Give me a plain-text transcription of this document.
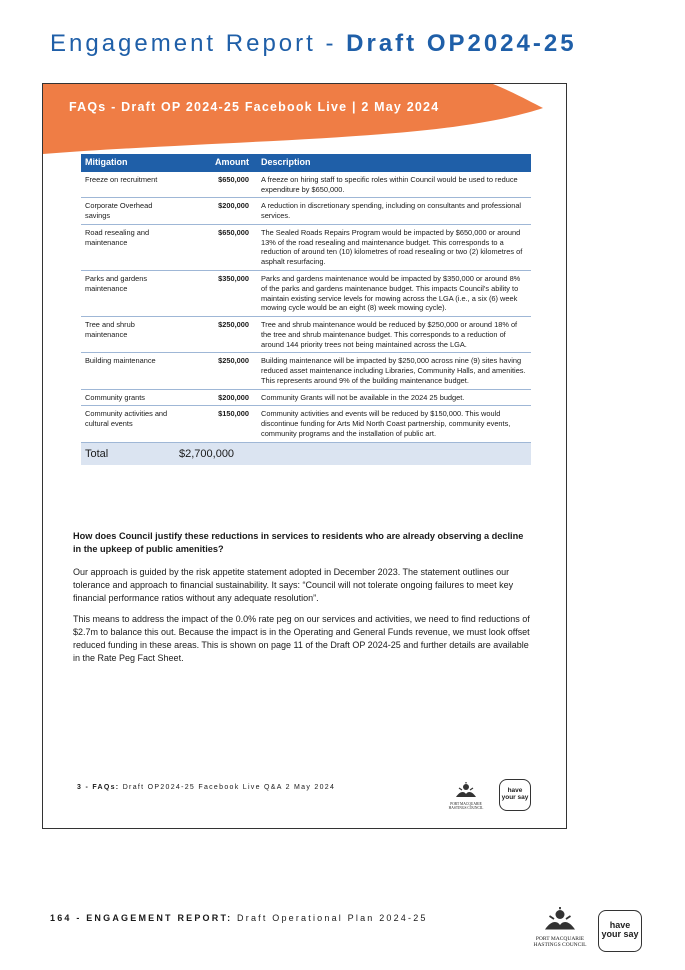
Engagement Report - Draft OP2024-25
FAQs - Draft OP 2024-25 Facebook Live | 2 May 2024
Mitigation	Amount	Description
Freeze on recruitment	$650,000	A freeze on hiring staff to specific roles within Council would be used to reduce expenditure by $650,000.
Corporate Overhead savings	$200,000	A reduction in discretionary spending, including on consultants and professional services.
Road resealing and maintenance	$650,000	The Sealed Roads Repairs Program would be impacted by $650,000 or around 13% of the road resealing and maintenance budget. This corresponds to a reduction of around ten (10) kilometres of road resealing or two (2) kilometres of asphalt resurfacing.
Parks and gardens maintenance	$350,000	Parks and gardens maintenance would be impacted by $350,000 or around 8% of the parks and gardens maintenance budget. This impacts Council's ability to maintain existing service levels for mowing across the LGA (i.e., a six (6) week mowing cycle would be an eight (8) week mowing cycle).
Tree and shrub maintenance	$250,000	Tree and shrub maintenance would be reduced by $250,000 or around 18% of the tree and shrub maintenance budget. This corresponds to a reduction of around 144 priority trees not being maintained across the LGA.
Building maintenance	$250,000	Building maintenance will be impacted by $250,000 across nine (9) sites having reduced asset maintenance including Libraries, Community Halls, and amenities. This represents around 9% of the building maintenance budget.
Community grants	$200,000	Community Grants will not be available in the 2024 25 budget.
Community activities and cultural events	$150,000	Community activities and events will be reduced by $150,000. This would discontinue funding for Arts Mid North Coast partnership, community events, community programs and the installation of public art.
Total	$2,700,000	
How does Council justify these reductions in services to residents who are already observing a decline in the upkeep of public amenities?

Our approach is guided by the risk appetite statement adopted in December 2023. The statement outlines our tolerance and approach to financial sustainability. It says: “Council will not tolerate ongoing failures to meet key financial performance ratios without any adequate resolution”.

This means to address the impact of the 0.0% rate peg on our services and activities, we need to find reductions of $2.7m to balance this out. Because the impact is in the Operating and General Funds revenue, we must look offset reduced funding in these areas. This is shown on page 11 of the Draft OP 2024-25 and further details are available in the Rate Peg Fact Sheet.

3 - FAQs: Draft OP2024-25 Facebook Live Q&A 2 May 2024
PORT MACQUARIE
HASTINGS COUNCIL
have
your say
164 - ENGAGEMENT REPORT: Draft Operational Plan 2024-25
PORT MACQUARIE
HASTINGS COUNCIL
have
your say
